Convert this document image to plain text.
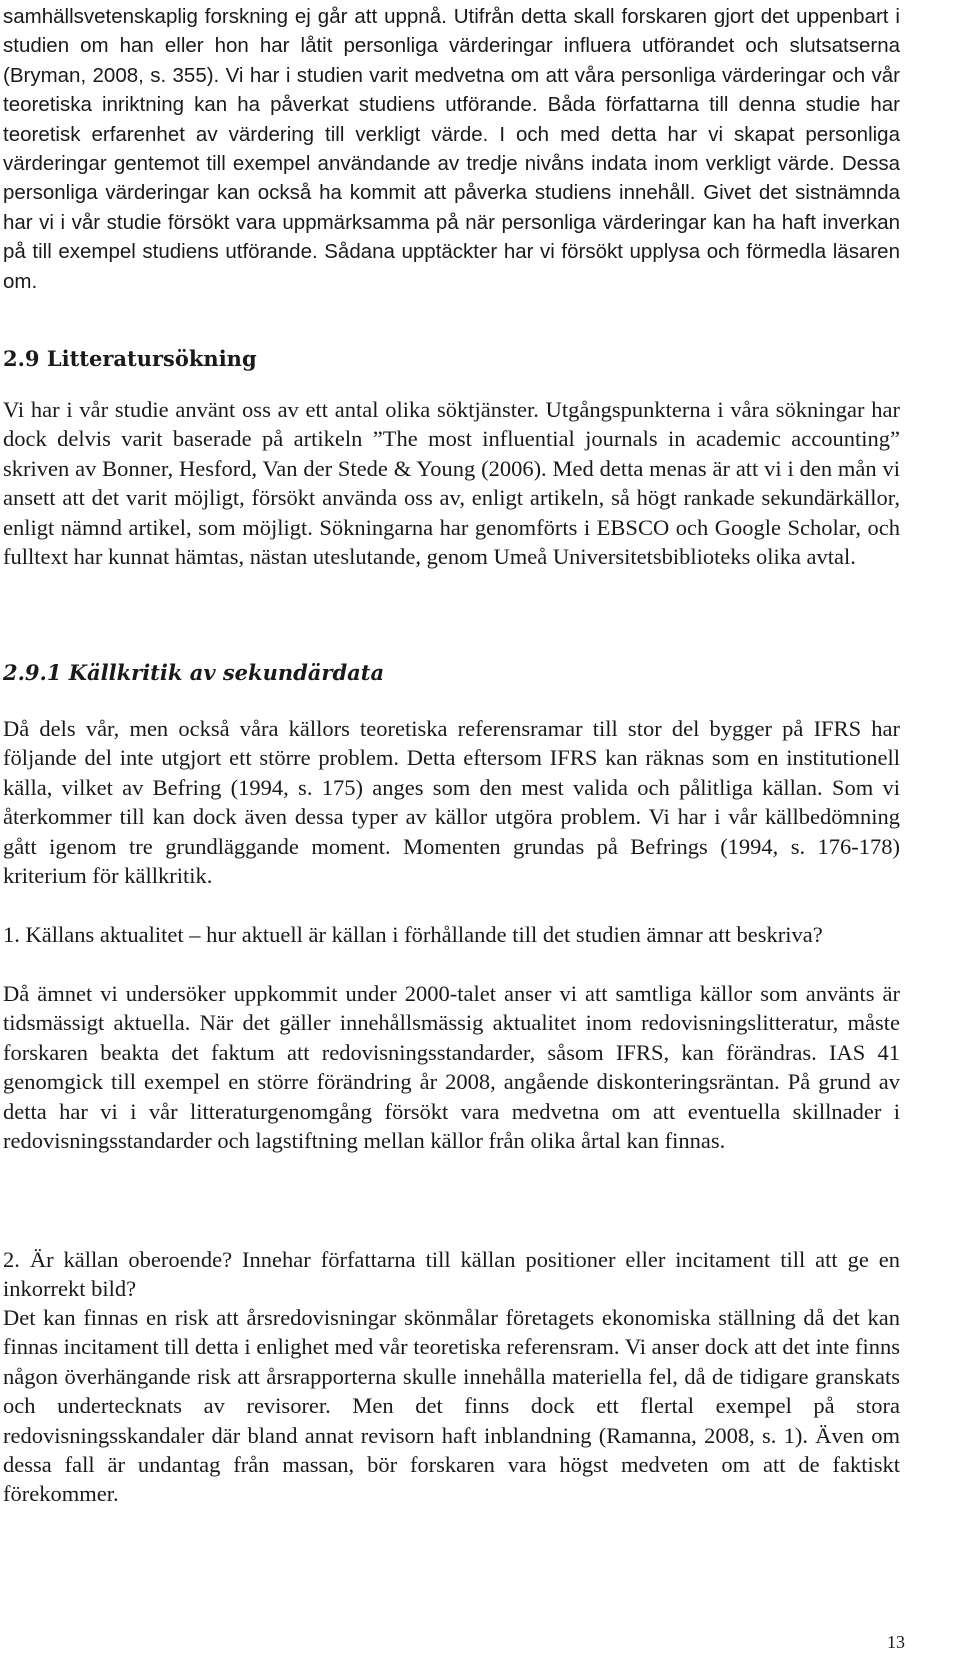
samhällsvetenskaplig forskning ej går att uppnå. Utifrån detta skall forskaren gjort det uppenbart i studien om han eller hon har låtit personliga värderingar influera utförandet och slutsatserna (Bryman, 2008, s. 355). Vi har i studien varit medvetna om att våra personliga värderingar och vår teoretiska inriktning kan ha påverkat studiens utförande. Båda författarna till denna studie har teoretisk erfarenhet av värdering till verkligt värde. I och med detta har vi skapat personliga värderingar gentemot till exempel användande av tredje nivåns indata inom verkligt värde. Dessa personliga värderingar kan också ha kommit att påverka studiens innehåll. Givet det sistnämnda har vi i vår studie försökt vara uppmärksamma på när personliga värderingar kan ha haft inverkan på till exempel studiens utförande. Sådana upptäckter har vi försökt upplysa och förmedla läsaren om.

2.9 Litteratursökning

Vi har i vår studie använt oss av ett antal olika söktjänster. Utgångspunkterna i våra sökningar har dock delvis varit baserade på artikeln ”The most influential journals in academic accounting” skriven av Bonner, Hesford, Van der Stede & Young (2006). Med detta menas är att vi i den mån vi ansett att det varit möjligt, försökt använda oss av, enligt artikeln, så högt rankade sekundärkällor, enligt nämnd artikel, som möjligt. Sökningarna har genomförts i EBSCO och Google Scholar, och fulltext har kunnat hämtas, nästan uteslutande, genom Umeå Universitetsbiblioteks olika avtal.

2.9.1 Källkritik av sekundärdata

Då dels vår, men också våra källors teoretiska referensramar till stor del bygger på IFRS har följande del inte utgjort ett större problem. Detta eftersom IFRS kan räknas som en institutionell källa, vilket av Befring (1994, s. 175) anges som den mest valida och pålitliga källan. Som vi återkommer till kan dock även dessa typer av källor utgöra problem. Vi har i vår källbedömning gått igenom tre grundläggande moment. Momenten grundas på Befrings (1994, s. 176-178) kriterium för källkritik.

1. Källans aktualitet – hur aktuell är källan i förhållande till det studien ämnar att beskriva?

Då ämnet vi undersöker uppkommit under 2000-talet anser vi att samtliga källor som använts är tidsmässigt aktuella. När det gäller innehållsmässig aktualitet inom redovisningslitteratur, måste forskaren beakta det faktum att redovisningsstandarder, såsom IFRS, kan förändras. IAS 41 genomgick till exempel en större förändring år 2008, angående diskonteringsräntan. På grund av detta har vi i vår litteraturgenomgång försökt vara medvetna om att eventuella skillnader i redovisningsstandarder och lagstiftning mellan källor från olika årtal kan finnas.

2. Är källan oberoende? Innehar författarna till källan positioner eller incitament till att ge en inkorrekt bild?

Det kan finnas en risk att årsredovisningar skönmålar företagets ekonomiska ställning då det kan finnas incitament till detta i enlighet med vår teoretiska referensram. Vi anser dock att det inte finns någon överhängande risk att årsrapporterna skulle innehålla materiella fel, då de tidigare granskats och undertecknats av revisorer. Men det finns dock ett flertal exempel på stora redovisningsskandaler där bland annat revisorn haft inblandning (Ramanna, 2008, s. 1). Även om dessa fall är undantag från massan, bör forskaren vara högst medveten om att de faktiskt förekommer.

13
